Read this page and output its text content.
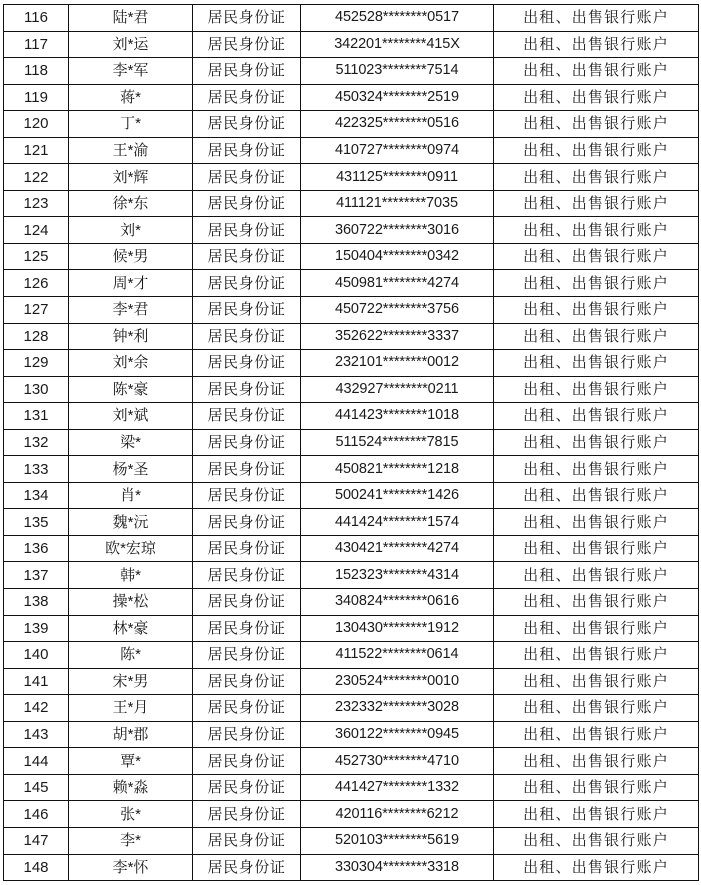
116	陆*君	居民身份证	452528********0517	出租、出售银行账户
117	刘*运	居民身份证	342201********415X	出租、出售银行账户
118	李*军	居民身份证	511023********7514	出租、出售银行账户
119	蒋*	居民身份证	450324********2519	出租、出售银行账户
120	丁*	居民身份证	422325********0516	出租、出售银行账户
121	王*渝	居民身份证	410727********0974	出租、出售银行账户
122	刘*辉	居民身份证	431125********0911	出租、出售银行账户
123	徐*东	居民身份证	411121********7035	出租、出售银行账户
124	刘*	居民身份证	360722********3016	出租、出售银行账户
125	候*男	居民身份证	150404********0342	出租、出售银行账户
126	周*才	居民身份证	450981********4274	出租、出售银行账户
127	李*君	居民身份证	450722********3756	出租、出售银行账户
128	钟*利	居民身份证	352622********3337	出租、出售银行账户
129	刘*余	居民身份证	232101********0012	出租、出售银行账户
130	陈*豪	居民身份证	432927********0211	出租、出售银行账户
131	刘*斌	居民身份证	441423********1018	出租、出售银行账户
132	梁*	居民身份证	511524********7815	出租、出售银行账户
133	杨*圣	居民身份证	450821********1218	出租、出售银行账户
134	肖*	居民身份证	500241********1426	出租、出售银行账户
135	魏*沅	居民身份证	441424********1574	出租、出售银行账户
136	欧*宏琼	居民身份证	430421********4274	出租、出售银行账户
137	韩*	居民身份证	152323********4314	出租、出售银行账户
138	操*松	居民身份证	340824********0616	出租、出售银行账户
139	林*豪	居民身份证	130430********1912	出租、出售银行账户
140	陈*	居民身份证	411522********0614	出租、出售银行账户
141	宋*男	居民身份证	230524********0010	出租、出售银行账户
142	王*月	居民身份证	232332********3028	出租、出售银行账户
143	胡*郡	居民身份证	360122********0945	出租、出售银行账户
144	覃*	居民身份证	452730********4710	出租、出售银行账户
145	赖*淼	居民身份证	441427********1332	出租、出售银行账户
146	张*	居民身份证	420116********6212	出租、出售银行账户
147	李*	居民身份证	520103********5619	出租、出售银行账户
148	李*怀	居民身份证	330304********3318	出租、出售银行账户
